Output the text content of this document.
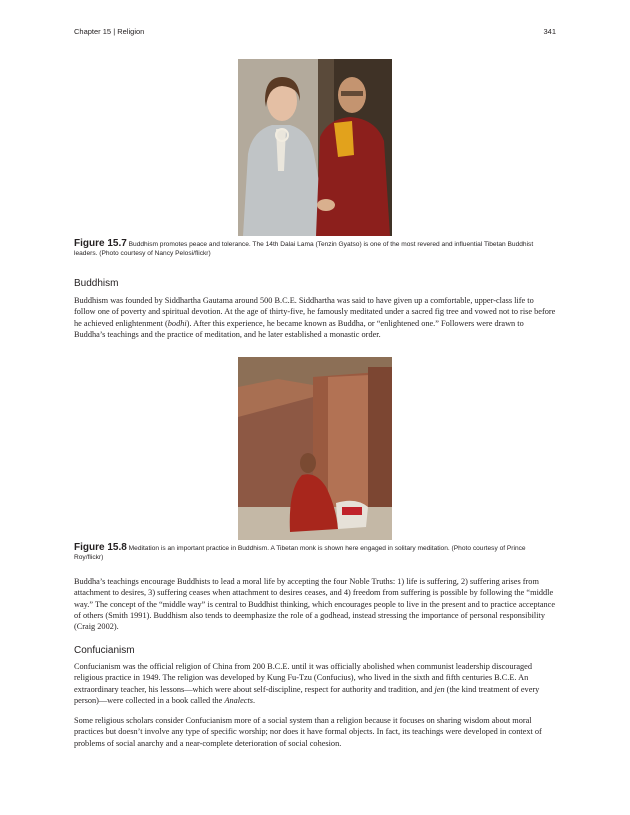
Chapter 15 | Religion	341
Figure 15.7 Buddhism promotes peace and tolerance. The 14th Dalai Lama (Tenzin Gyatso) is one of the most revered and influential Tibetan Buddhist leaders. (Photo courtesy of Nancy Pelosi/flickr)
Buddhism

Buddhism was founded by Siddhartha Gautama around 500 B.C.E. Siddhartha was said to have given up a comfortable, upper-class life to follow one of poverty and spiritual devotion. At the age of thirty-five, he famously meditated under a sacred fig tree and vowed not to rise before he achieved enlightenment (bodhi). After this experience, he became known as Buddha, or “enlightened one.” Followers were drawn to Buddha’s teachings and the practice of meditation, and he later established a monastic order.

Figure 15.8 Meditation is an important practice in Buddhism. A Tibetan monk is shown here engaged in solitary meditation. (Photo courtesy of Prince Roy/flickr)

Buddha’s teachings encourage Buddhists to lead a moral life by accepting the four Noble Truths: 1) life is suffering, 2) suffering arises from attachment to desires, 3) suffering ceases when attachment to desires ceases, and 4) freedom from suffering is possible by following the “middle way.” The concept of the “middle way” is central to Buddhist thinking, which encourages people to live in the present and to practice acceptance of others (Smith 1991). Buddhism also tends to deemphasize the role of a godhead, instead stressing the importance of personal responsibility (Craig 2002).

Confucianism

Confucianism was the official religion of China from 200 B.C.E. until it was officially abolished when communist leadership discouraged religious practice in 1949. The religion was developed by Kung Fu-Tzu (Confucius), who lived in the sixth and fifth centuries B.C.E. An extraordinary teacher, his lessons—which were about self-discipline, respect for authority and tradition, and jen (the kind treatment of every person)—were collected in a book called the Analects.

Some religious scholars consider Confucianism more of a social system than a religion because it focuses on sharing wisdom about moral practices but doesn’t involve any type of specific worship; nor does it have formal objects. In fact, its teachings were developed in context of problems of social anarchy and a near-complete deterioration of social cohesion.
